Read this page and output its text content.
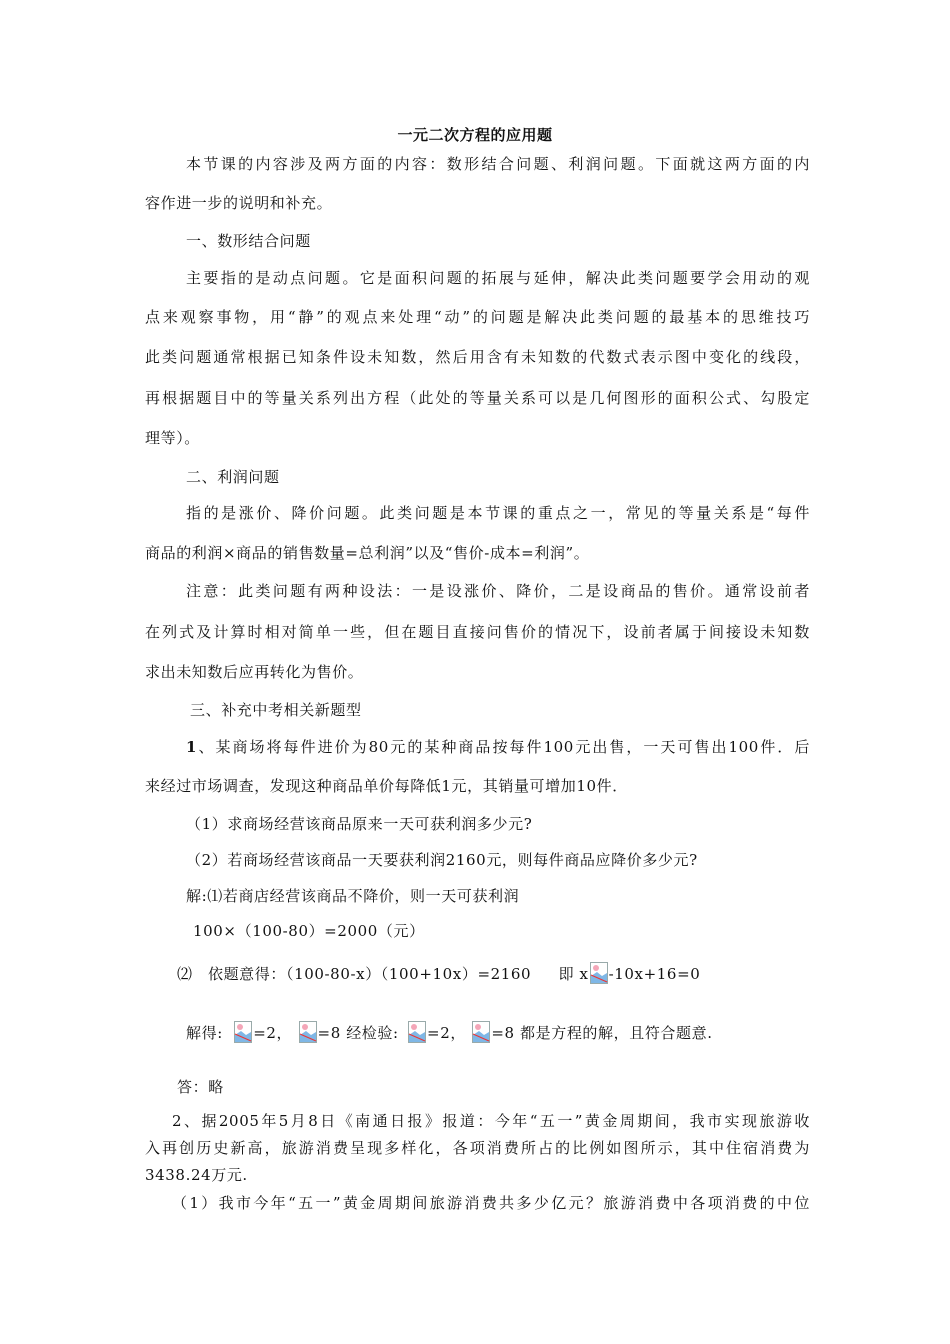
一元二次方程的应用题
本节课的内容涉及两方面的内容：数形结合问题、利润问题。下面就这两方面的内
容作进一步的说明和补充。
一、数形结合问题
主要指的是动点问题。它是面积问题的拓展与延伸，解决此类问题要学会用动的观
点来观察事物，用“静”的观点来处理“动”的问题是解决此类问题的最基本的思维技巧
此类问题通常根据已知条件设未知数，然后用含有未知数的代数式表示图中变化的线段，
再根据题目中的等量关系列出方程（此处的等量关系可以是几何图形的面积公式、勾股定
理等）。
二、利润问题
指的是涨价、降价问题。此类问题是本节课的重点之一，常见的等量关系是“每件
商品的利润×商品的销售数量=总利润”以及“售价-成本=利润”。
注意：此类问题有两种设法：一是设涨价、降价，二是设商品的售价。通常设前者
在列式及计算时相对简单一些，但在题目直接问售价的情况下，设前者属于间接设未知数
求出未知数后应再转化为售价。
三、补充中考相关新题型
1、某商场将每件进价为80元的某种商品按每件100元出售，一天可售出100件．后
来经过市场调查，发现这种商品单价每降低1元，其销量可增加10件．
（1）求商场经营该商品原来一天可获利润多少元?
（2）若商场经营该商品一天要获利润2160元，则每件商品应降价多少元?
解:⑴若商店经营该商品不降价，则一天可获利润
100×（100-80）=2000（元）
⑵ 依题意得：（100-80-x）（100+10x）=2160 即 x -10x+16=0
解得: =2， =8 经检验: =2， =8 都是方程的解，且符合题意.
答：略
2、据2005年5月8日《南通日报》报道：今年“五一”黄金周期间，我市实现旅游收
入再创历史新高，旅游消费呈现多样化，各项消费所占的比例如图所示，其中住宿消费为
3438.24万元.
（1）我市今年“五一”黄金周期间旅游消费共多少亿元？旅游消费中各项消费的中位
